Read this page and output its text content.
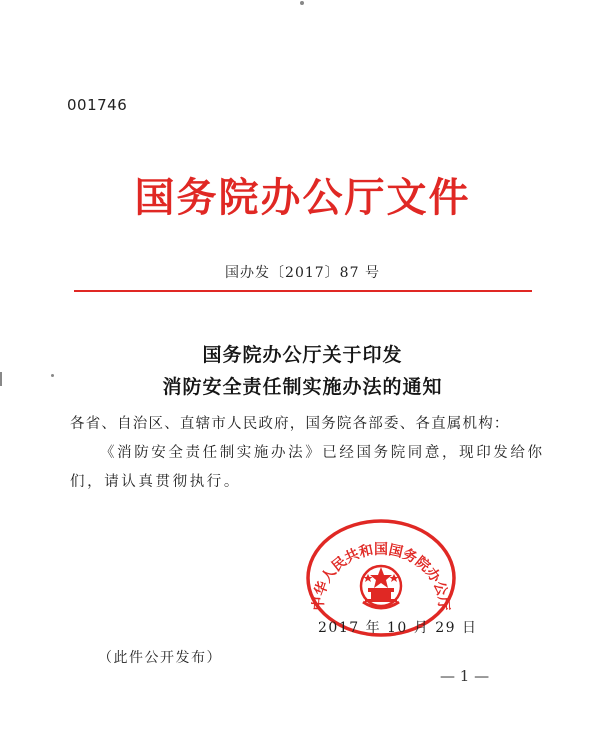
001746
国务院办公厅文件
国办发〔2017〕87 号
国务院办公厅关于印发
消防安全责任制实施办法的通知
各省、自治区、直辖市人民政府，国务院各部委、各直属机构：
《消防安全责任制实施办法》已经国务院同意，现印发给你
们，请认真贯彻执行。
中华人民共和国国务院办公厅
2017 年 10 月 29 日
（此件公开发布）
— 1 —
